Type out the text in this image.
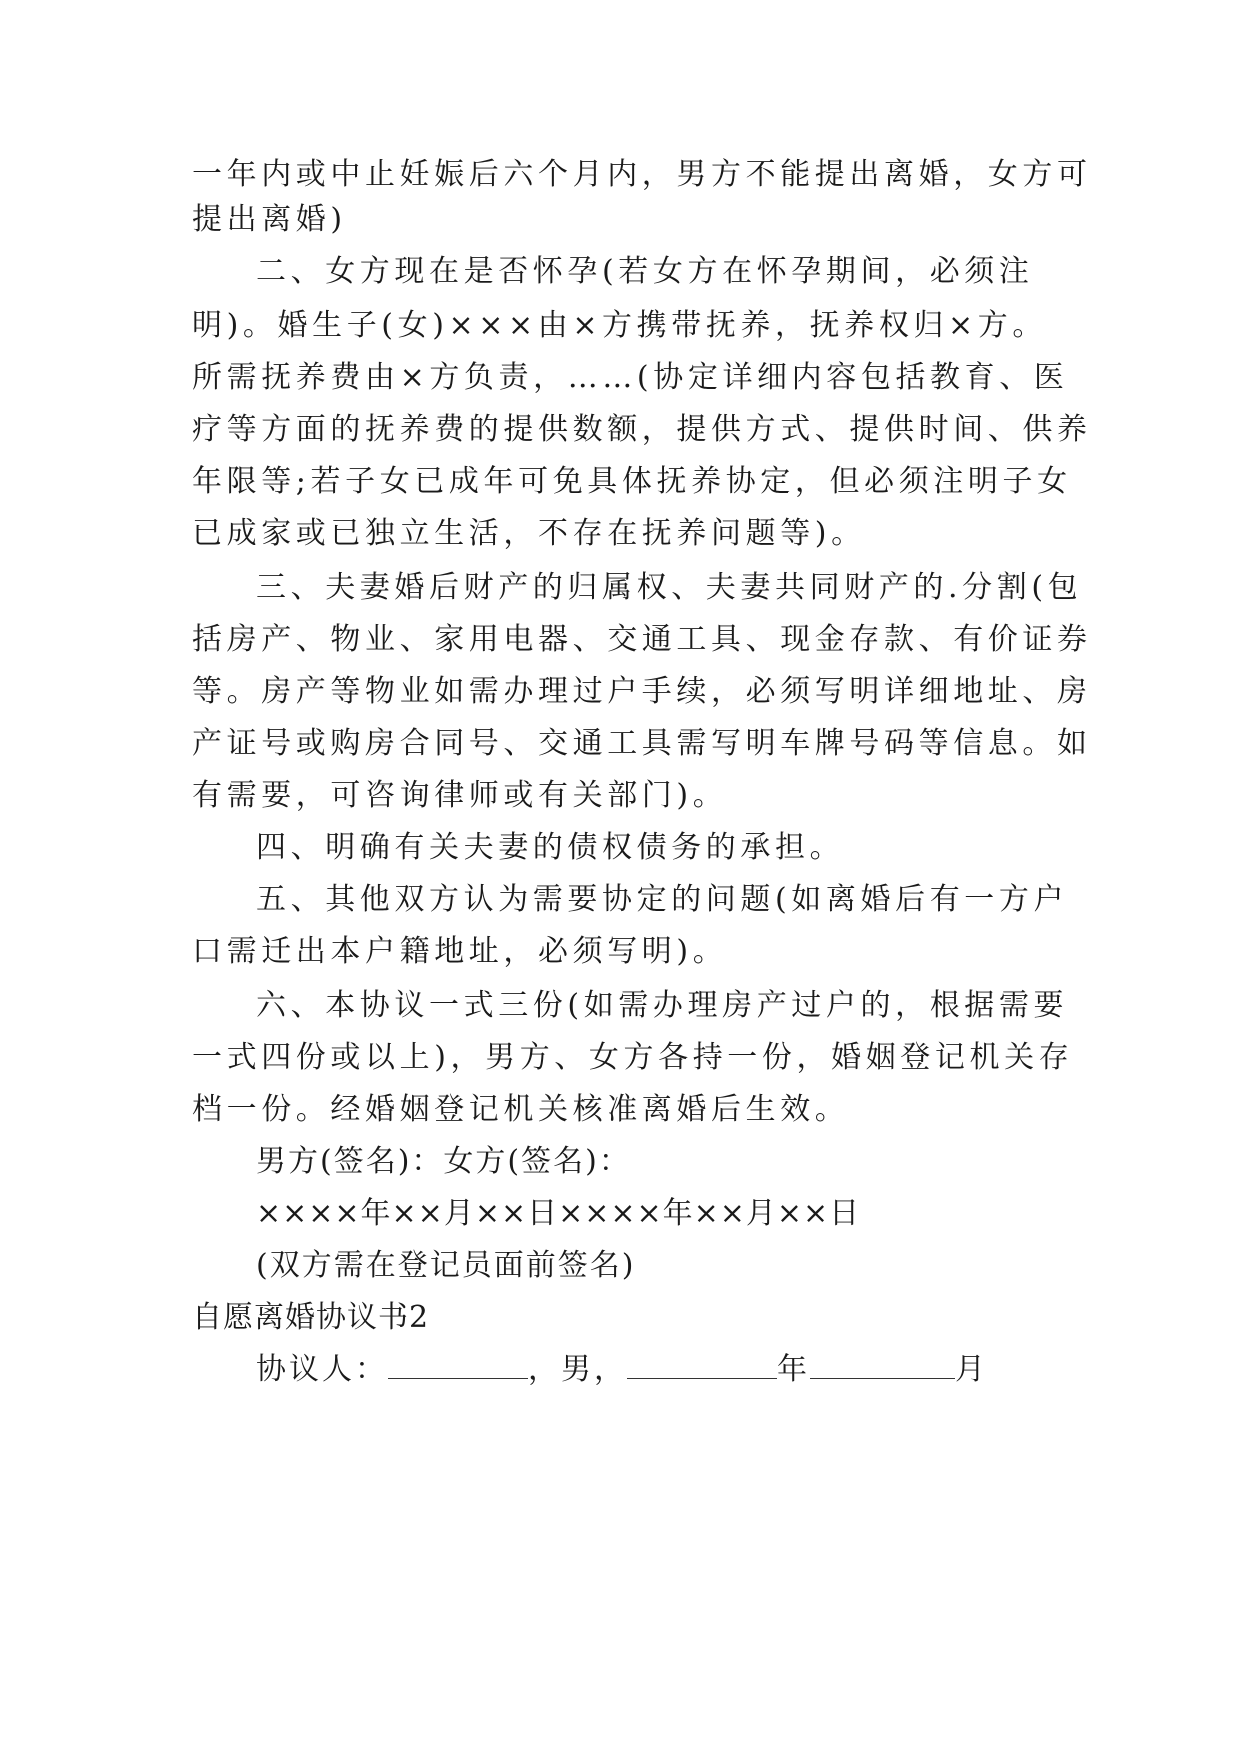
一年内或中止妊娠后六个月内，男方不能提出离婚，女方可
提出离婚)
二、女方现在是否怀孕(若女方在怀孕期间，必须注
明)。婚生子(女)×××由×方携带抚养，抚养权归×方。
所需抚养费由×方负责，……(协定详细内容包括教育、医
疗等方面的抚养费的提供数额，提供方式、提供时间、供养
年限等;若子女已成年可免具体抚养协定，但必须注明子女
已成家或已独立生活，不存在抚养问题等)。
三、夫妻婚后财产的归属权、夫妻共同财产的.分割(包
括房产、物业、家用电器、交通工具、现金存款、有价证券
等。房产等物业如需办理过户手续，必须写明详细地址、房
产证号或购房合同号、交通工具需写明车牌号码等信息。如
有需要，可咨询律师或有关部门)。
四、明确有关夫妻的债权债务的承担。
五、其他双方认为需要协定的问题(如离婚后有一方户
口需迁出本户籍地址，必须写明)。
六、本协议一式三份(如需办理房产过户的，根据需要
一式四份或以上)，男方、女方各持一份，婚姻登记机关存
档一份。经婚姻登记机关核准离婚后生效。
男方(签名)：女方(签名)：
××××年××月××日××××年××月××日
(双方需在登记员面前签名)
自愿离婚协议书2
协议人：	，男，	年	月
